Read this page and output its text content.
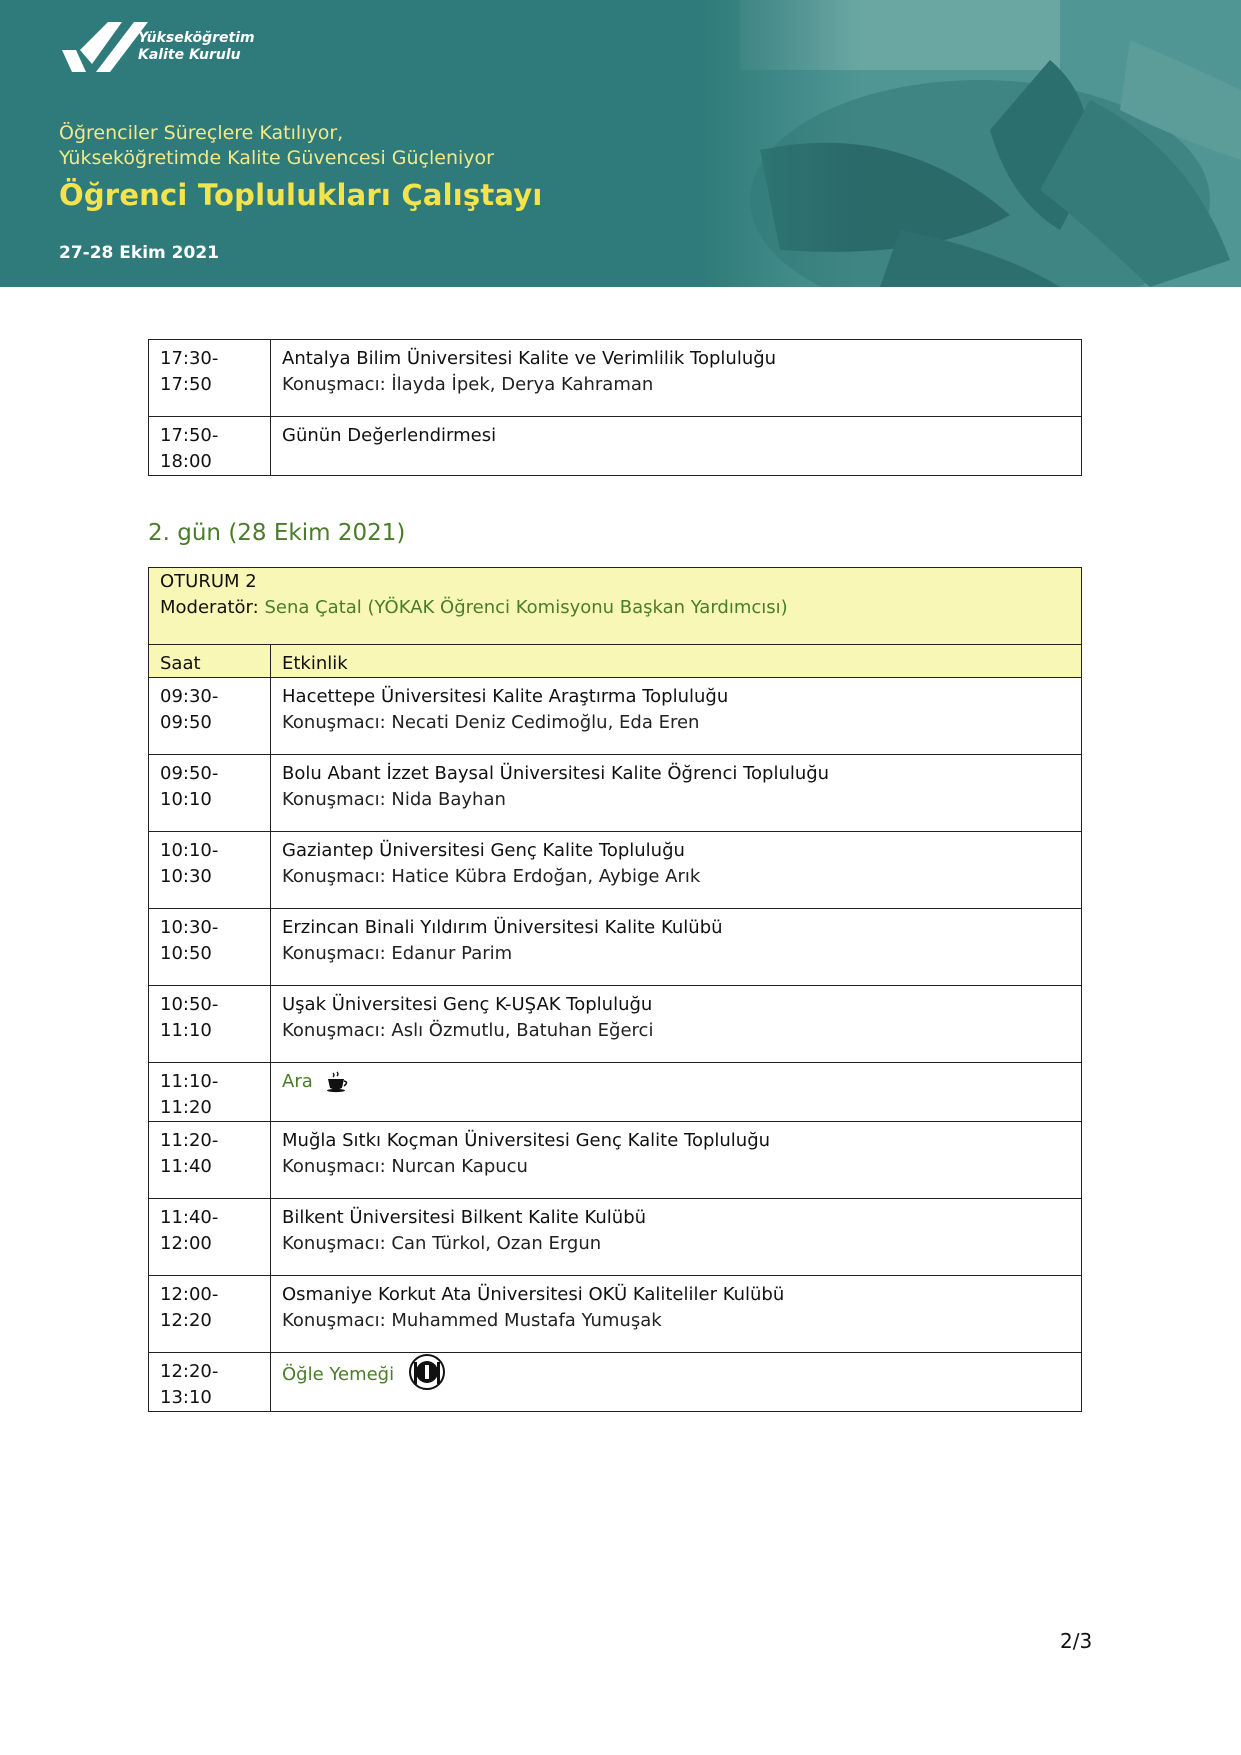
Yükseköğretim
Kalite Kurulu
Öğrenciler Süreçlere Katılıyor,
Yükseköğretimde Kalite Güvencesi Güçleniyor
Öğrenci Toplulukları Çalıştayı
27-28 Ekim 2021
17:30-17:50	Antalya Bilim Üniversitesi Kalite ve Verimlilik Topluluğu
Konuşmacı: İlayda İpek, Derya Kahraman

17:50-18:00	Günün Değerlendirmesi
2. gün (28 Ekim 2021)
OTURUM 2
Moderatör: Sena Çatal (YÖKAK Öğrenci Komisyonu Başkan Yardımcısı)	

Saat	Etkinlik
09:30-09:50	Hacettepe Üniversitesi Kalite Araştırma Topluluğu
Konuşmacı: Necati Deniz Cedimoğlu, Eda Eren

09:50-10:10	Bolu Abant İzzet Baysal Üniversitesi Kalite Öğrenci Topluluğu
Konuşmacı: Nida Bayhan

10:10-10:30	Gaziantep Üniversitesi Genç Kalite Topluluğu
Konuşmacı: Hatice Kübra Erdoğan, Aybige Arık

10:30-10:50	Erzincan Binali Yıldırım Üniversitesi Kalite Kulübü
Konuşmacı: Edanur Parim

10:50-11:10	Uşak Üniversitesi Genç K-UŞAK Topluluğu
Konuşmacı: Aslı Özmutlu, Batuhan Eğerci

11:10-11:20	Ara
11:20-11:40	Muğla Sıtkı Koçman Üniversitesi Genç Kalite Topluluğu
Konuşmacı: Nurcan Kapucu

11:40-12:00	Bilkent Üniversitesi Bilkent Kalite Kulübü
Konuşmacı: Can Türkol, Ozan Ergun

12:00-12:20	Osmaniye Korkut Ata Üniversitesi OKÜ Kaliteliler Kulübü
Konuşmacı: Muhammed Mustafa Yumuşak

12:20-13:10	Öğle Yemeği
2/3
